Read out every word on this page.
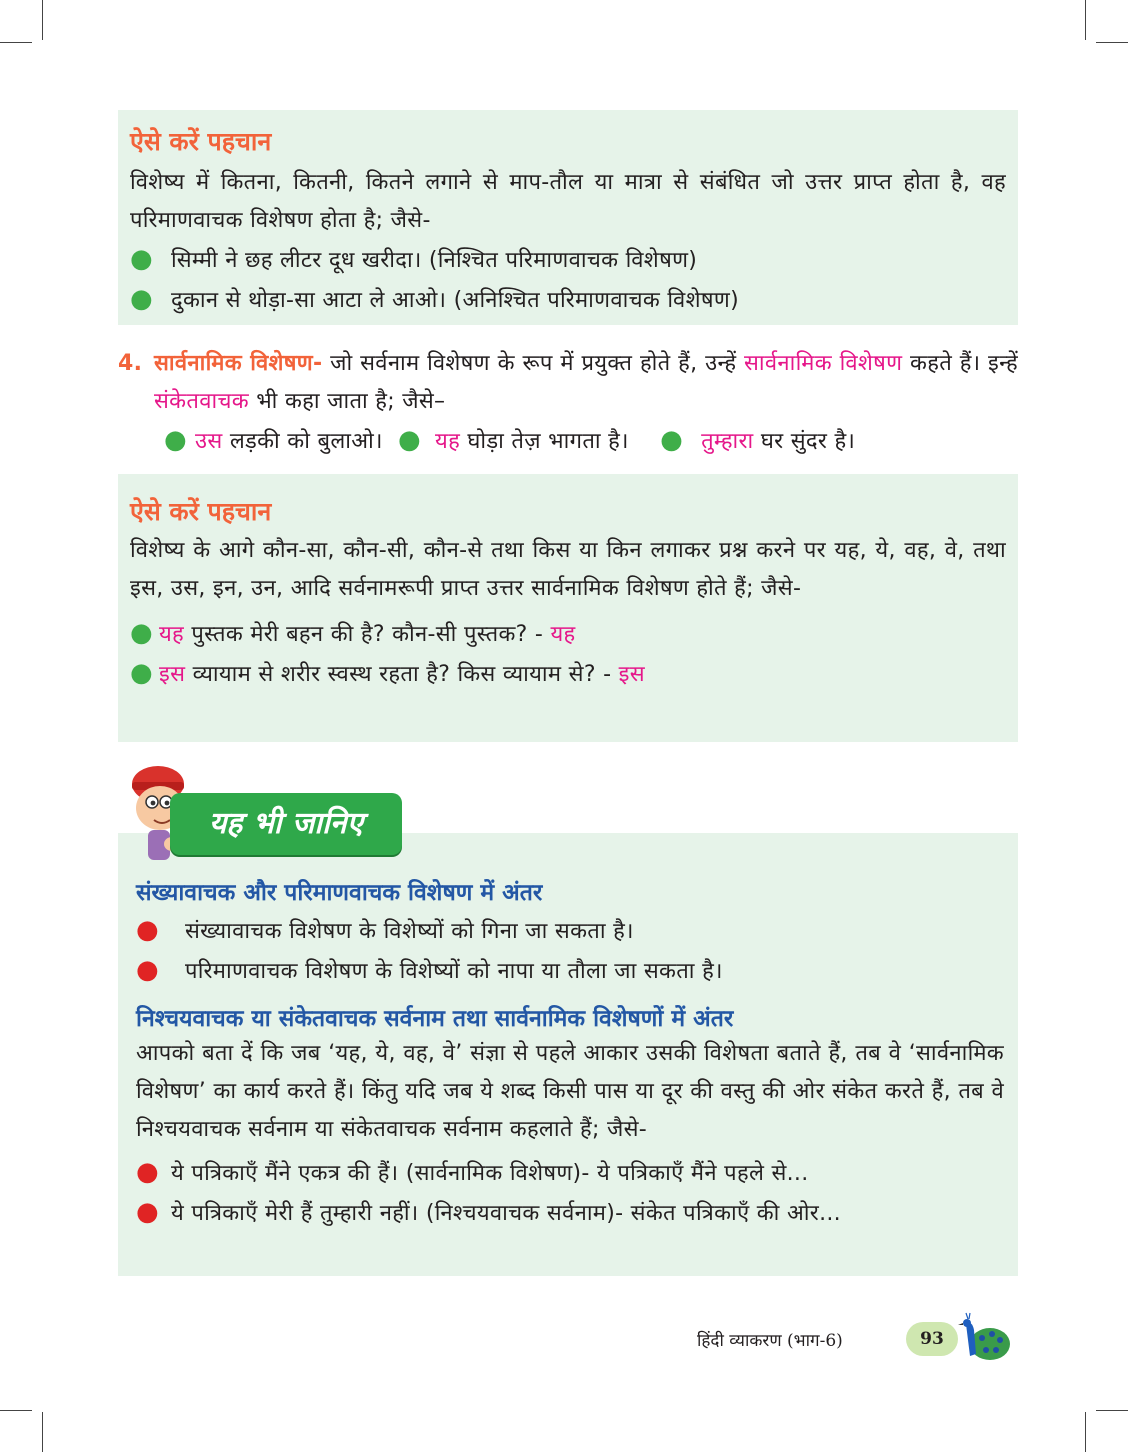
ऐसे करें पहचान
विशेष्य में कितना, कितनी, कितने लगाने से माप-तौल या मात्रा से संबंधित जो उत्तर प्राप्त होता है, वह परिमाणवाचक विशेषण होता है; जैसे-
● सिम्मी ने छह लीटर दूध खरीदा। (निश्चित परिमाणवाचक विशेषण)
● दुकान से थोड़ा-सा आटा ले आओ। (अनिश्चित परिमाणवाचक विशेषण)
4. सार्वनामिक विशेषण- जो सर्वनाम विशेषण के रूप में प्रयुक्त होते हैं, उन्हें सार्वनामिक विशेषण कहते हैं। इन्हें संकेतवाचक भी कहा जाता है; जैसे–
● उस लड़की को बुलाओ। ● यह घोड़ा तेज़ भागता है। ● तुम्हारा घर सुंदर है।
ऐसे करें पहचान
विशेष्य के आगे कौन-सा, कौन-सी, कौन-से तथा किस या किन लगाकर प्रश्न करने पर यह, ये, वह, वे, तथा इस, उस, इन, उन, आदि सर्वनामरूपी प्राप्त उत्तर सार्वनामिक विशेषण होते हैं; जैसे-
● यह पुस्तक मेरी बहन की है? कौन-सी पुस्तक? - यह
● इस व्यायाम से शरीर स्वस्थ रहता है? किस व्यायाम से? - इस
संख्यावाचक और परिमाणवाचक विशेषण में अंतर
● संख्यावाचक विशेषण के विशेष्यों को गिना जा सकता है।
● परिमाणवाचक विशेषण के विशेष्यों को नापा या तौला जा सकता है।
निश्चयवाचक या संकेतवाचक सर्वनाम तथा सार्वनामिक विशेषणों में अंतर
आपको बता दें कि जब ‘यह, ये, वह, वे’ संज्ञा से पहले आकार उसकी विशेषता बताते हैं, तब वे ‘सार्वनामिक विशेषण’ का कार्य करते हैं। किंतु यदि जब ये शब्द किसी पास या दूर की वस्तु की ओर संकेत करते हैं, तब वे निश्चयवाचक सर्वनाम या संकेतवाचक सर्वनाम कहलाते हैं; जैसे-
● ये पत्रिकाएँ मैंने एकत्र की हैं। (सार्वनामिक विशेषण)- ये पत्रिकाएँ मैंने पहले से...
● ये पत्रिकाएँ मेरी हैं तुम्हारी नहीं। (निश्चयवाचक सर्वनाम)- संकेत पत्रिकाएँ की ओर...
यह भी जानिए
हिंदी व्याकरण (भाग-6)	93
